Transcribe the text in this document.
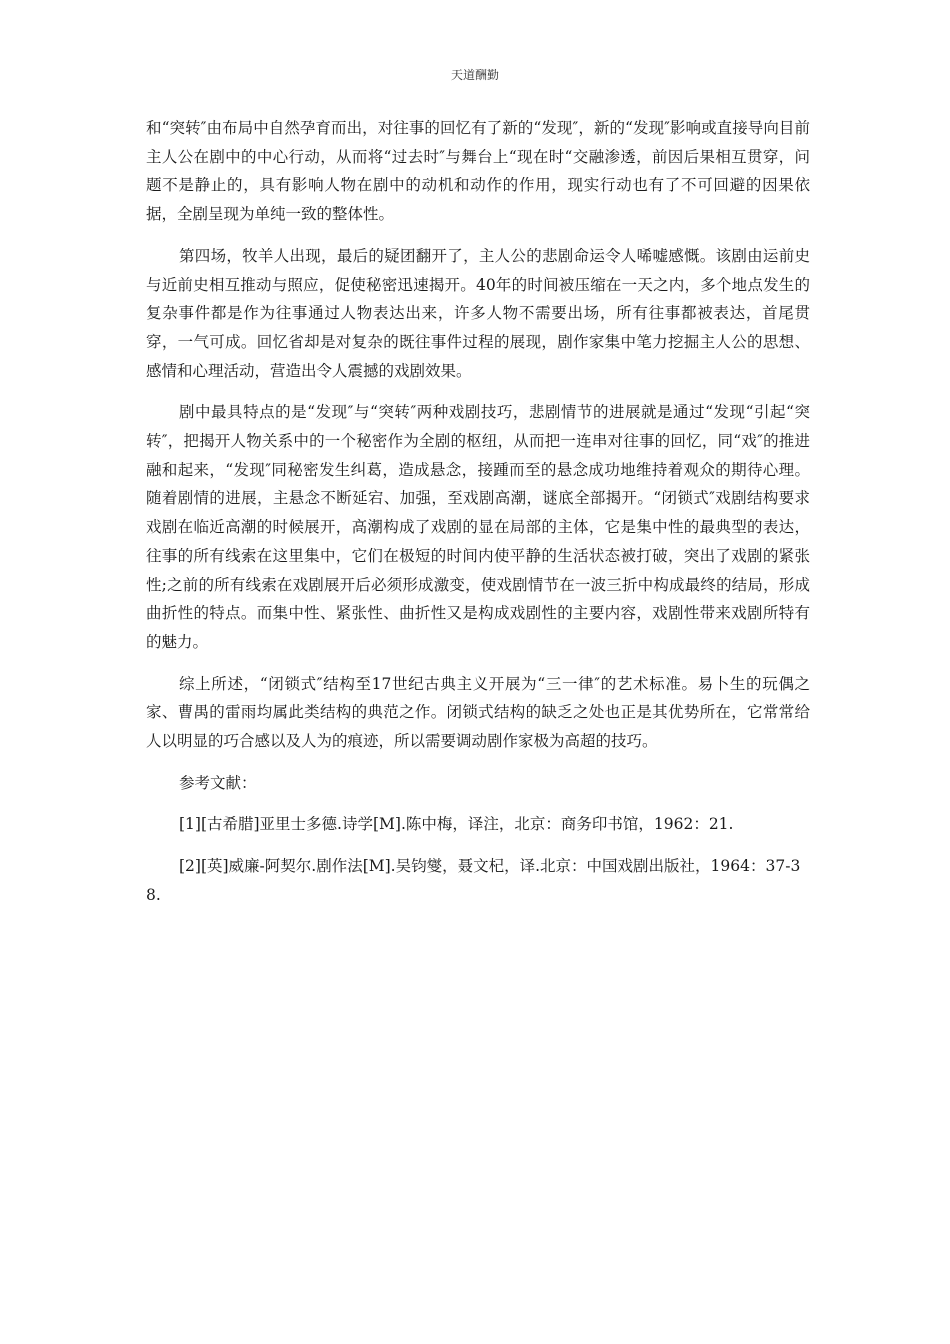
天道酬勤

和“突转″由布局中自然孕育而出，对往事的回忆有了新的“发现″，新的“发现″影响或直接导向目前主人公在剧中的中心行动，从而将“过去时″与舞台上“现在时“交融渗透，前因后果相互贯穿，问题不是静止的，具有影响人物在剧中的动机和动作的作用，现实行动也有了不可回避的因果依据，全剧呈现为单纯一致的整体性。

第四场，牧羊人出现，最后的疑团翻开了，主人公的悲剧命运令人唏嘘感慨。该剧由运前史与近前史相互推动与照应，促使秘密迅速揭开。40年的时间被压缩在一天之内，多个地点发生的复杂事件都是作为往事通过人物表达出来，许多人物不需要出场，所有往事都被表达，首尾贯穿，一气可成。回忆省却是对复杂的既往事件过程的展现，剧作家集中笔力挖掘主人公的思想、感情和心理活动，营造出令人震撼的戏剧效果。

剧中最具特点的是“发现″与“突转″两种戏剧技巧，悲剧情节的进展就是通过“发现“引起“突转″，把揭开人物关系中的一个秘密作为全剧的枢纽，从而把一连串对往事的回忆，同“戏″的推进融和起来，“发现″同秘密发生纠葛，造成悬念，接踵而至的悬念成功地维持着观众的期待心理。随着剧情的进展，主悬念不断延宕、加强，至戏剧高潮，谜底全部揭开。“闭锁式″戏剧结构要求戏剧在临近高潮的时候展开，高潮构成了戏剧的显在局部的主体，它是集中性的最典型的表达，往事的所有线索在这里集中，它们在极短的时间内使平静的生活状态被打破，突出了戏剧的紧张性;之前的所有线索在戏剧展开后必须形成激变，使戏剧情节在一波三折中构成最终的结局，形成曲折性的特点。而集中性、紧张性、曲折性又是构成戏剧性的主要内容，戏剧性带来戏剧所特有的魅力。

综上所述，“闭锁式″结构至17世纪古典主义开展为“三一律″的艺术标准。易卜生的玩偶之家、曹禺的雷雨均属此类结构的典范之作。闭锁式结构的缺乏之处也正是其优势所在，它常常给人以明显的巧合感以及人为的痕迹，所以需要调动剧作家极为高超的技巧。

参考文献：

[1][古希腊]亚里士多德.诗学[M].陈中梅，译注，北京：商务印书馆，1962：21.

[2][英]威廉-阿契尔.剧作法[M].吴钧燮，聂文杞，译.北京：中国戏剧出版社，1964：37-38.
